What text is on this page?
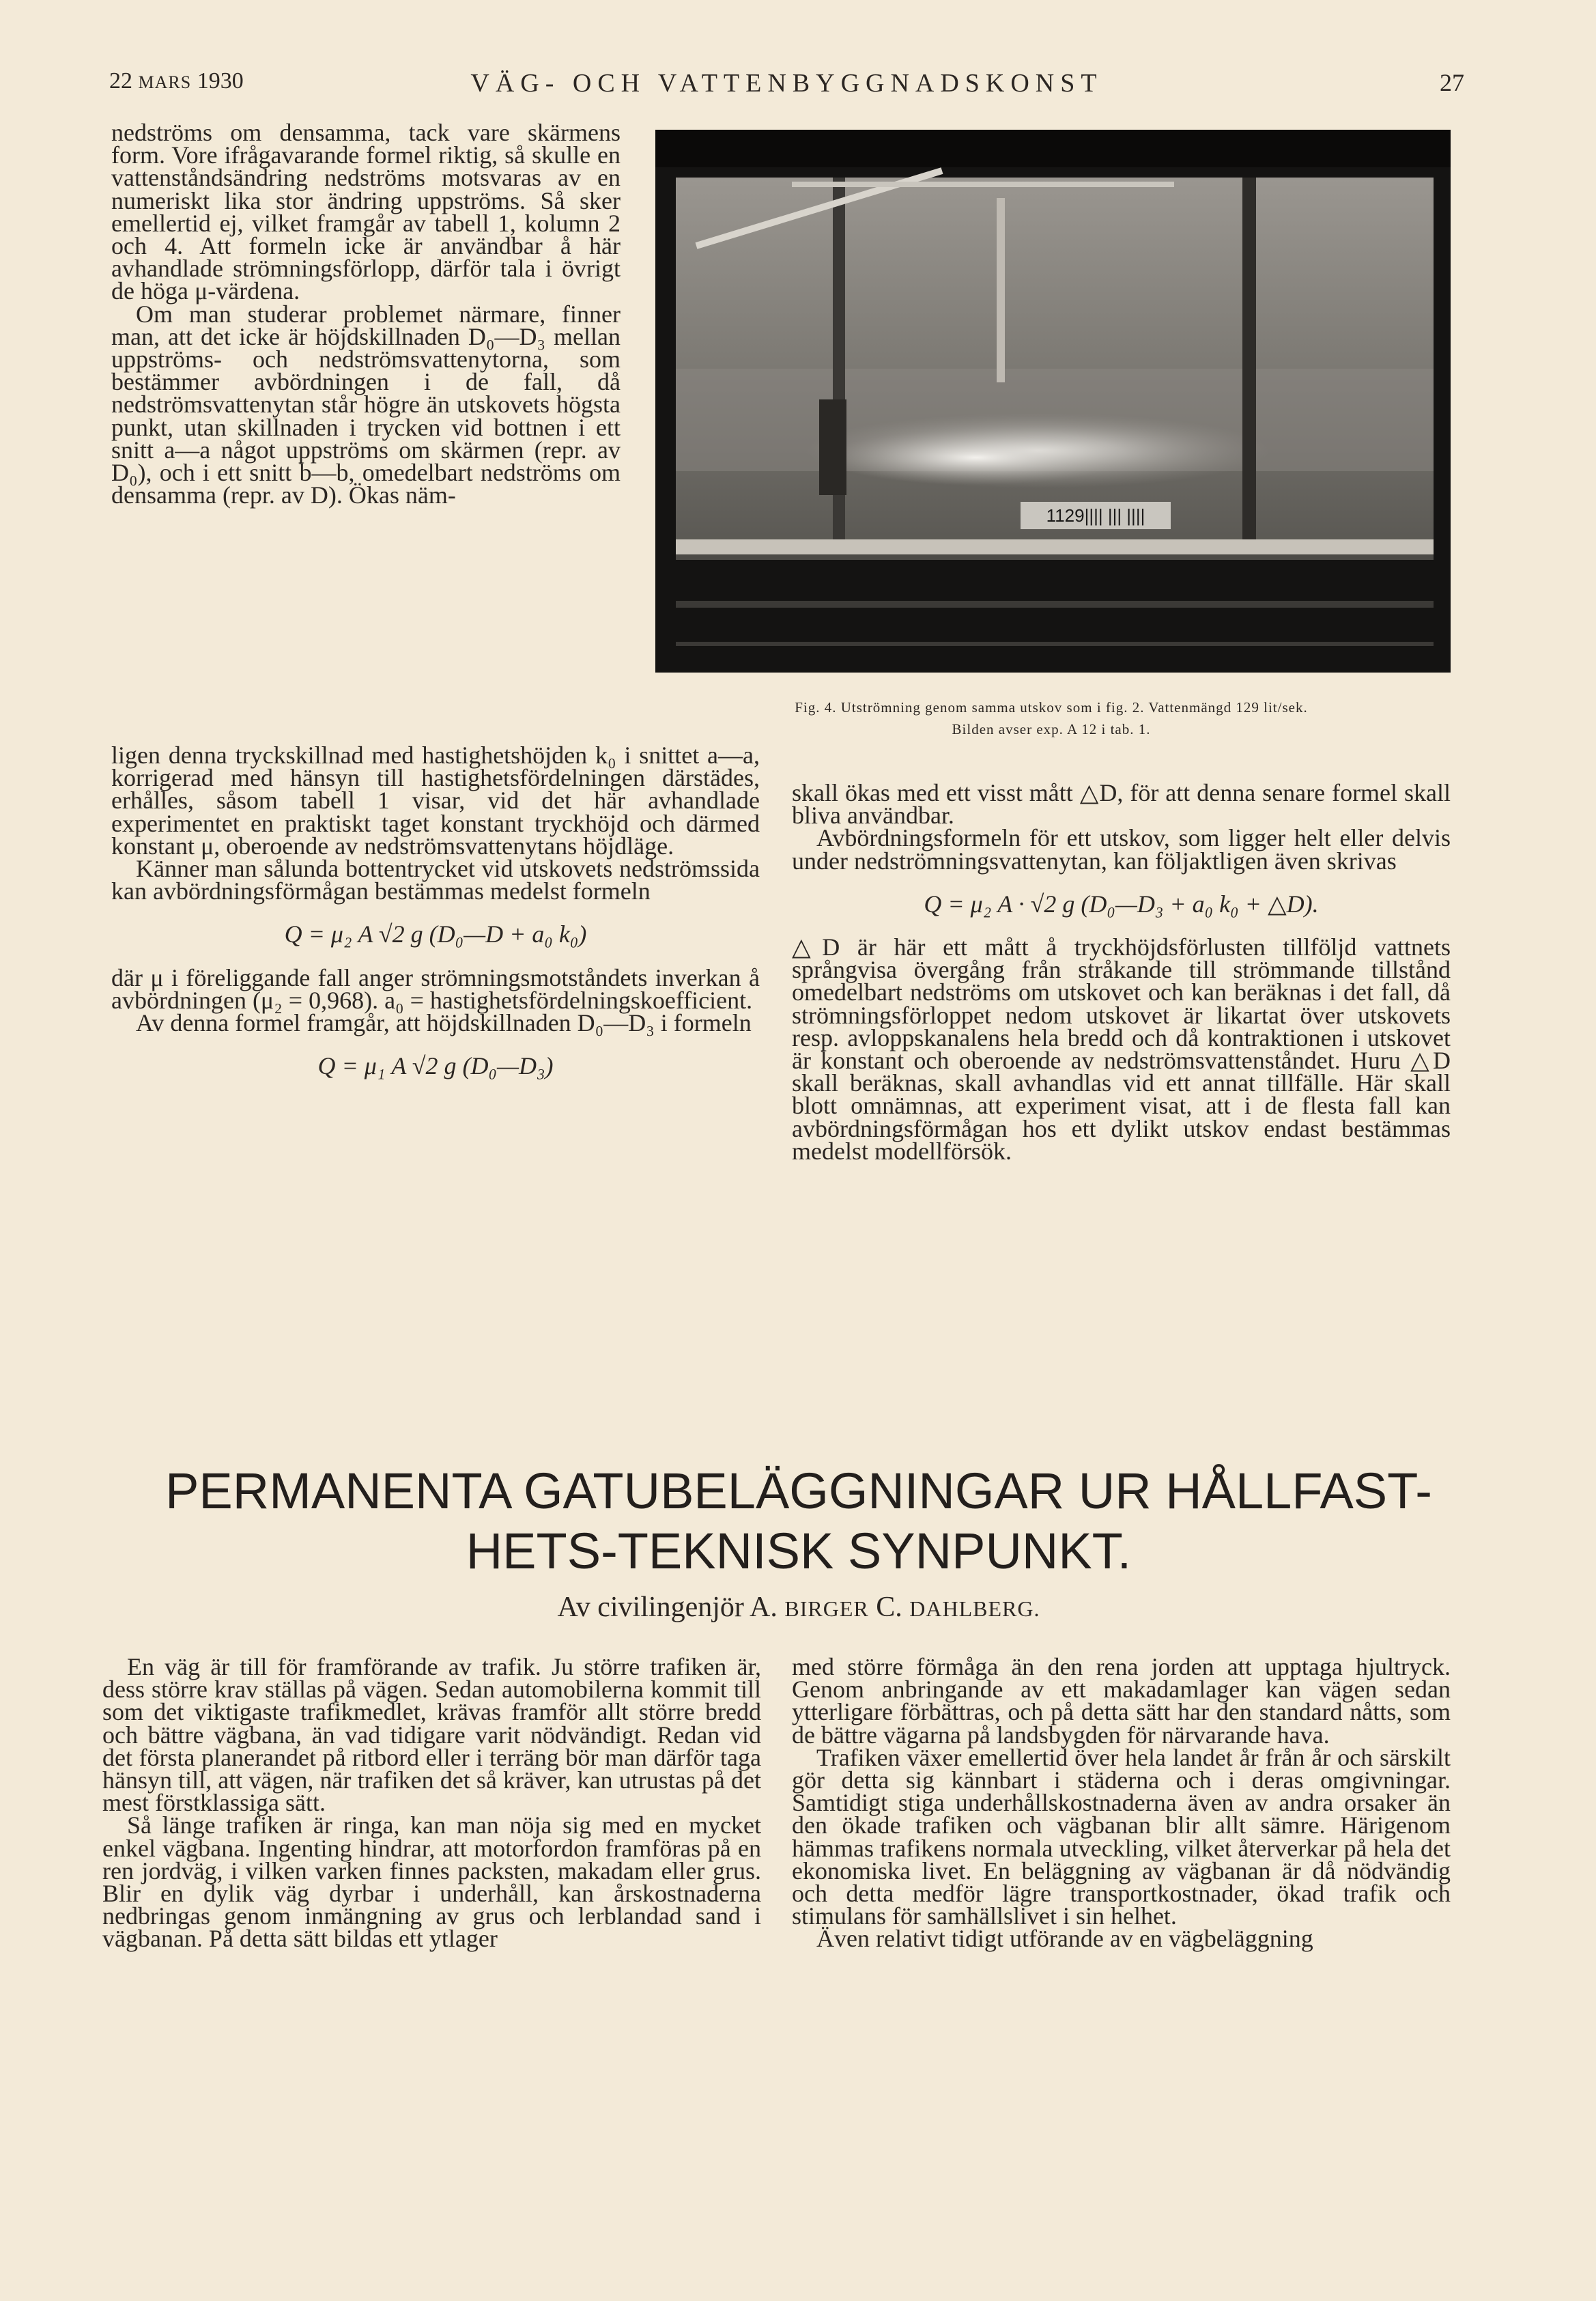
22 MARS 1930	VÄG- OCH VATTENBYGGNADSKONST	27

nedströms om densamma, tack vare skärmens form. Vore ifrågavarande formel riktig, så skulle en vattenståndsändring nedströms motsvaras av en numeriskt lika stor ändring uppströms. Så sker emellertid ej, vilket framgår av tabell 1, kolumn 2 och 4. Att formeln icke är användbar å här avhandlade strömningsförlopp, därför tala i övrigt de höga μ-värdena.

Om man studerar problemet närmare, finner man, att det icke är höjdskillnaden D₀—D₃ mellan uppströms- och nedströmsvattenytorna, som bestämmer avbördningen i de fall, då nedströmsvattenytan står högre än utskovets högsta punkt, utan skillnaden i trycken vid bottnen i ett snitt a—a något uppströms om skärmen (repr. av D₀), och i ett snitt b—b, omedelbart nedströms om densamma (repr. av D). Ökas näm-

1129|||| ||| ||||
Fig. 4. Utströmning genom samma utskov som i fig. 2. Vattenmängd 129 lit/sek.
Bilden avser exp. A 12 i tab. 1.

ligen denna tryckskillnad med hastighetshöjden k₀ i snittet a—a, korrigerad med hänsyn till hastighetsfördelningen därstädes, erhålles, såsom tabell 1 visar, vid det här avhandlade experimentet en praktiskt taget konstant tryckhöjd och därmed konstant μ, oberoende av nedströmsvattenytans höjdläge.

Känner man sålunda bottentrycket vid utskovets nedströmssida kan avbördningsförmågan bestämmas medelst formeln

Q = μ₂ A √2 g (D₀—D + a₀ k₀)

där μ i föreliggande fall anger strömningsmotståndets inverkan å avbördningen (μ₂ = 0,968). a₀ = hastighetsfördelningskoefficient.

Av denna formel framgår, att höjdskillnaden D₀—D₃ i formeln

Q = μ₁ A √2 g (D₀—D₃)

skall ökas med ett visst mått △D, för att denna senare formel skall bliva användbar.

Avbördningsformeln för ett utskov, som ligger helt eller delvis under nedströmningsvattenytan, kan följaktligen även skrivas

Q = μ₂ A · √2 g (D₀—D₃ + a₀ k₀ + △D).

△D är här ett mått å tryckhöjdsförlusten tillföljd vattnets språngvisa övergång från stråkande till strömmande tillstånd omedelbart nedströms om utskovet och kan beräknas i det fall, då strömningsförloppet nedom utskovet är likartat över utskovets resp. avloppskanalens hela bredd och då kontraktionen i utskovet är konstant och oberoende av nedströmsvattenståndet. Huru △D skall beräknas, skall avhandlas vid ett annat tillfälle. Här skall blott omnämnas, att experiment visat, att i de flesta fall kan avbördningsförmågan hos ett dylikt utskov endast bestämmas medelst modellförsök.

PERMANENTA GATUBELÄGGNINGAR UR HÅLLFAST-
HETS-TEKNISK SYNPUNKT.
Av civilingenjör A. BIRGER C. DAHLBERG.

En väg är till för framförande av trafik. Ju större trafiken är, dess större krav ställas på vägen. Sedan automobilerna kommit till som det viktigaste trafikmedlet, krävas framför allt större bredd och bättre vägbana, än vad tidigare varit nödvändigt. Redan vid det första planerandet på ritbord eller i terräng bör man därför taga hänsyn till, att vägen, när trafiken det så kräver, kan utrustas på det mest förstklassiga sätt.

Så länge trafiken är ringa, kan man nöja sig med en mycket enkel vägbana. Ingenting hindrar, att motorfordon framföras på en ren jordväg, i vilken varken finnes packsten, makadam eller grus. Blir en dylik väg dyrbar i underhåll, kan årskostnaderna nedbringas genom inmängning av grus och lerblandad sand i vägbanan. På detta sätt bildas ett ytlager

med större förmåga än den rena jorden att upptaga hjultryck. Genom anbringande av ett makadamlager kan vägen sedan ytterligare förbättras, och på detta sätt har den standard nåtts, som de bättre vägarna på landsbygden för närvarande hava.

Trafiken växer emellertid över hela landet år från år och särskilt gör detta sig kännbart i städerna och i deras omgivningar. Samtidigt stiga underhållskostnaderna även av andra orsaker än den ökade trafiken och vägbanan blir allt sämre. Härigenom hämmas trafikens normala utveckling, vilket återverkar på hela det ekonomiska livet. En beläggning av vägbanan är då nödvändig och detta medför lägre transportkostnader, ökad trafik och stimulans för samhällslivet i sin helhet.

Även relativt tidigt utförande av en vägbeläggning
